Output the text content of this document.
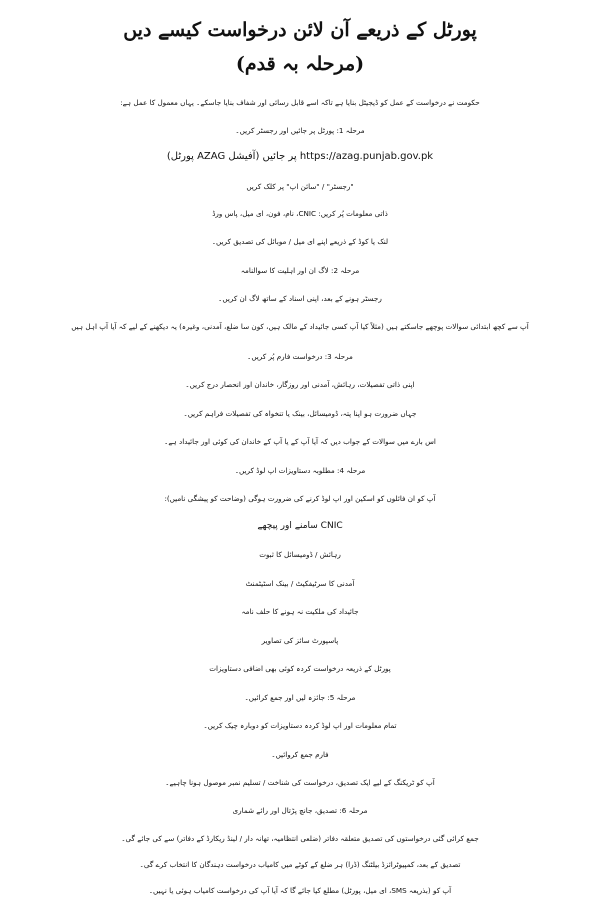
پورٹل کے ذریعے آن لائن درخواست کیسے دیں
(مرحلہ بہ قدم)

حکومت نے درخواست کے عمل کو ڈیجیٹل بنایا ہے تاکہ اسے قابل رسائی اور شفاف بنایا جاسکے۔ یہاں معمول کا عمل ہے:

مرحلہ 1: پورٹل پر جائیں اور رجسٹر کریں۔

https://azag.punjab.gov.pk پر جائیں (آفیشل AZAG پورٹل)

"رجسٹر" / "سائن اپ" پر کلک کریں

ذاتی معلومات پُر کریں: CNIC، نام، فون، ای میل، پاس ورڈ

لنک یا کوڈ کے ذریعے اپنے ای میل / موبائل کی تصدیق کریں۔

مرحلہ 2: لاگ ان اور اہلیت کا سوالنامہ

رجسٹر ہونے کے بعد، اپنی اسناد کے ساتھ لاگ ان کریں۔

آپ سے کچھ ابتدائی سوالات پوچھے جاسکتے ہیں (مثلاً کیا آپ کسی جائیداد کے مالک ہیں، کون سا ضلع، آمدنی، وغیرہ) یہ دیکھنے کے لیے کہ آیا آپ اہل ہیں

مرحلہ 3: درخواست فارم پُر کریں۔

اپنی ذاتی تفصیلات، رہائش، آمدنی اور روزگار، خاندان اور انحصار درج کریں۔

جہاں ضرورت ہو اپنا پتہ، ڈومیسائل، بینک یا تنخواہ کی تفصیلات فراہم کریں۔

اس بارے میں سوالات کے جواب دیں کہ آیا آپ کے یا آپ کے خاندان کی کوئی اور جائیداد ہے۔

مرحلہ 4: مطلوبہ دستاویزات اپ لوڈ کریں۔

آپ کو ان فائلوں کو اسکین اور اپ لوڈ کرنے کی ضرورت ہوگی (وضاحت کو پیشگی نامیں):

CNIC سامنے اور پیچھے

رہائش / ڈومیسائل کا ثبوت

آمدنی کا سرٹیفکیٹ / بینک اسٹیٹمنٹ

جائیداد کی ملکیت نہ ہونے کا حلف نامہ

پاسپورٹ سائز کی تصاویر

پورٹل کے ذریعہ درخواست کردہ کوئی بھی اضافی دستاویزات

مرحلہ 5: جائزہ لیں اور جمع کرائیں۔

تمام معلومات اور اپ لوڈ کردہ دستاویزات کو دوبارہ چیک کریں۔

فارم جمع کروائیں۔

آپ کو ٹریکنگ کے لیے ایک تصدیق، درخواست کی شناخت / تسلیم نمبر موصول ہونا چاہیے۔

مرحلہ 6: تصدیق، جانچ پڑتال اور رائے شماری

جمع کرائی گئی درخواستوں کی تصدیق متعلقہ دفاتر (ضلعی انتظامیہ، تھانہ دار / لینڈ ریکارڈ کے دفاتر) سے کی جائے گی۔

تصدیق کے بعد، کمپیوٹرائزڈ بیلٹنگ (ڈرا) ہر ضلع کے کوٹے میں کامیاب درخواست دہندگان کا انتخاب کرے گی۔

آپ کو (بذریعہ SMS، ای میل، پورٹل) مطلع کیا جائے گا کہ آیا آپ کی درخواست کامیاب ہوئی یا نہیں۔
